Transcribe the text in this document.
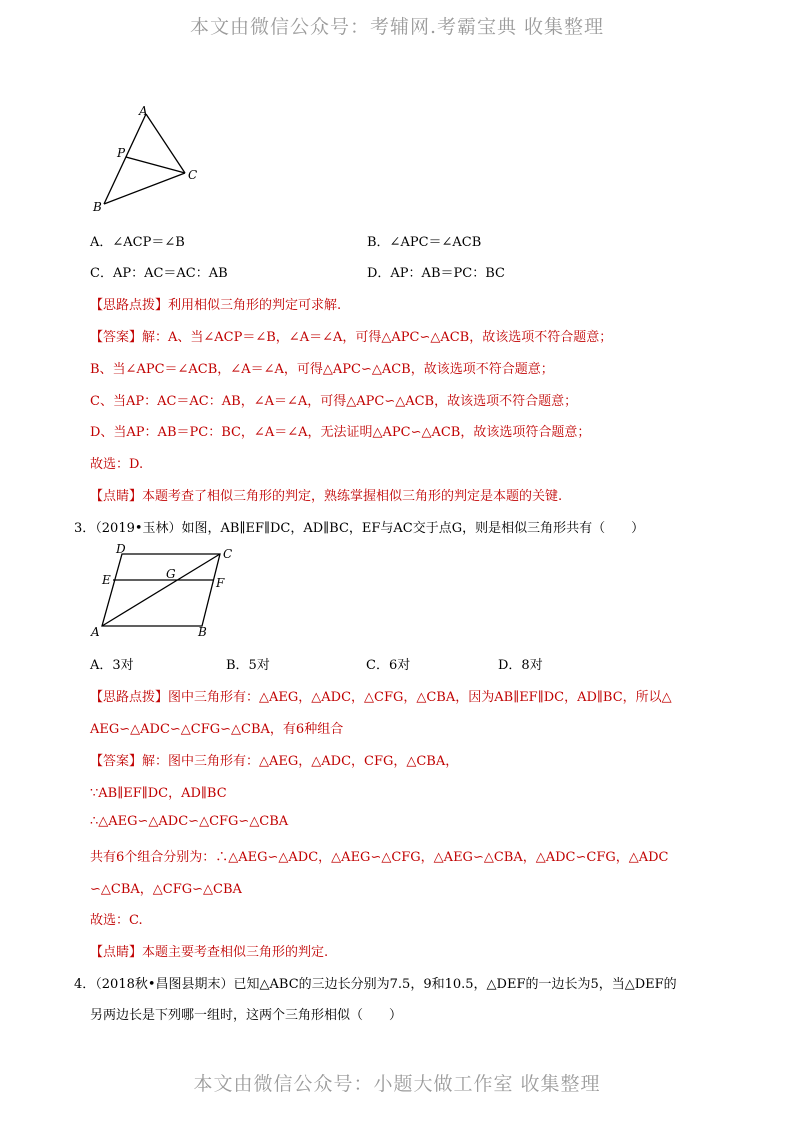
本文由微信公众号：考辅网.考霸宝典 收集整理
A
P
C
B
A．∠ACP＝∠B	B．∠APC＝∠ACB
C．AP：AC＝AC：AB	D．AP：AB＝PC：BC
【思路点拨】利用相似三角形的判定可求解.
【答案】解：A、当∠ACP＝∠B，∠A＝∠A，可得△APC∽△ACB，故该选项不符合题意；
B、当∠APC＝∠ACB，∠A＝∠A，可得△APC∽△ACB，故该选项不符合题意；
C、当AP：AC＝AC：AB，∠A＝∠A，可得△APC∽△ACB，故该选项不符合题意；
D、当AP：AB＝PC：BC，∠A＝∠A，无法证明△APC∽△ACB，故该选项符合题意；
故选：D.
【点睛】本题考查了相似三角形的判定，熟练掌握相似三角形的判定是本题的关键.
3．（2019•玉林）如图，AB∥EF∥DC，AD∥BC，EF与AC交于点G，则是相似三角形共有（　　）
D	C
E	G
F
A	B
A．3对	B．5对	C．6对	D．8对
【思路点拨】图中三角形有：△AEG，△ADC，△CFG，△CBA，因为AB∥EF∥DC，AD∥BC，所以△
AEG∽△ADC∽△CFG∽△CBA，有6种组合
【答案】解：图中三角形有：△AEG，△ADC，CFG，△CBA，
∵AB∥EF∥DC，AD∥BC
∴△AEG∽△ADC∽△CFG∽△CBA
共有6个组合分别为：∴△AEG∽△ADC，△AEG∽△CFG，△AEG∽△CBA，△ADC∽CFG，△ADC
∽△CBA，△CFG∽△CBA
故选：C.
【点睛】本题主要考查相似三角形的判定.
4．（2018秋•昌图县期末）已知△ABC的三边长分别为7.5，9和10.5，△DEF的一边长为5，当△DEF的
另两边长是下列哪一组时，这两个三角形相似（　　）
本文由微信公众号：小题大做工作室 收集整理
